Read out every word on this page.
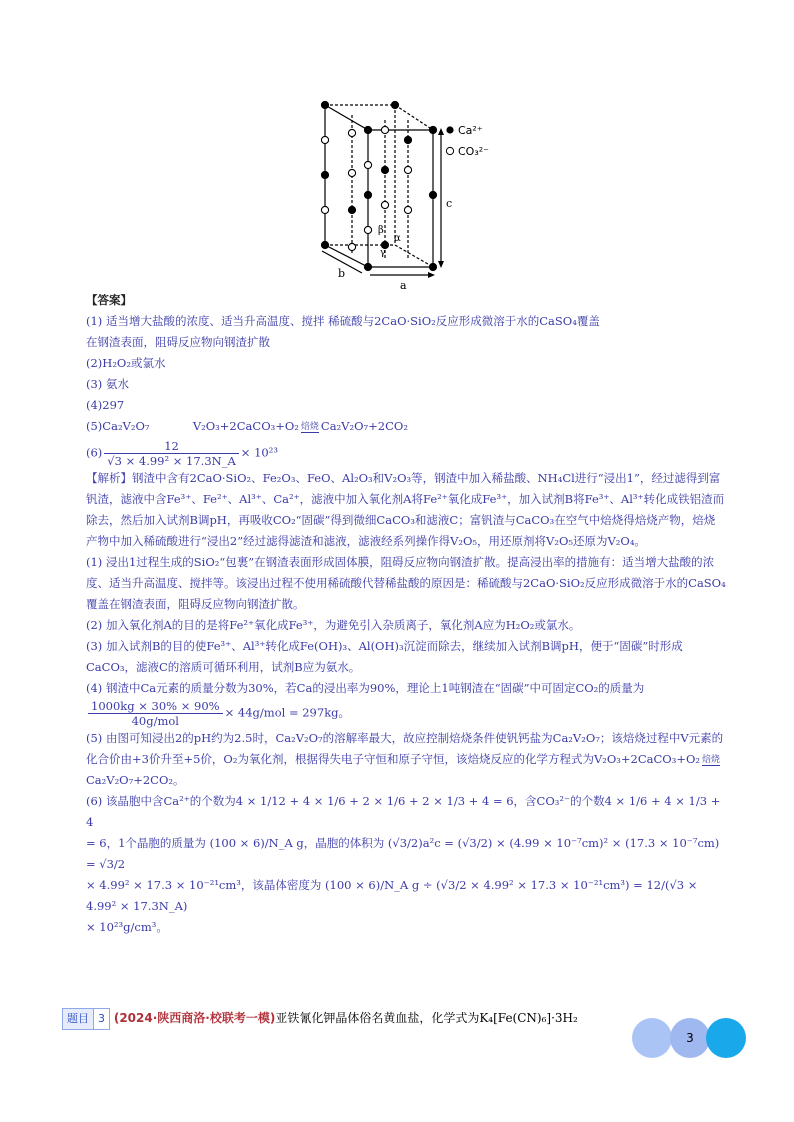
Ca²⁺
CO₃²⁻
c
a
b
α
β
γ

【答案】

(1) 适当增大盐酸的浓度、适当升高温度、搅拌 稀硫酸与2CaO·SiO₂反应形成微溶于水的CaSO₄覆盖

在钢渣表面，阻碍反应物向钢渣扩散

(2)H₂O₂或氯水

(3) 氨水

(4)297

(5)Ca₂V₂O₇	V₂O₃+2CaCO₃+O₂ 焙烧 Ca₂V₂O₇+2CO₂

$(6) \frac{12}{\text{√3 × 4.99² × 17.3N\_A}} \times 10^{23}$

【解析】钢渣中含有2CaO·SiO₂、Fe₂O₃、FeO、Al₂O₃和V₂O₃等，钢渣中加入稀盐酸、NH₄Cl进行“浸出1”，经过滤得到富钒渣，滤液中含Fe³⁺、Fe²⁺、Al³⁺、Ca²⁺，滤液中加入氧化剂A将Fe²⁺氧化成Fe³⁺，加入试剂B将Fe³⁺、Al³⁺转化成铁铝渣而除去，然后加入试剂B调pH，再吸收CO₂“固碳”得到微细CaCO₃和滤液C；富钒渣与CaCO₃在空气中焙烧得焙烧产物，焙烧产物中加入稀硫酸进行“浸出2”经过滤得滤渣和滤液，滤液经系列操作得V₂O₅，用还原剂将V₂O₅还原为V₂O₄。

(1) 浸出1过程生成的SiO₂“包裹”在钢渣表面形成固体膜，阻碍反应物向钢渣扩散。提高浸出率的措施有：适当增大盐酸的浓度、适当升高温度、搅拌等。该浸出过程不使用稀硫酸代替稀盐酸的原因是：稀硫酸与2CaO·SiO₂反应形成微溶于水的CaSO₄覆盖在钢渣表面，阻碍反应物向钢渣扩散。

(2) 加入氧化剂A的目的是将Fe²⁺氧化成Fe³⁺，为避免引入杂质离子，氧化剂A应为H₂O₂或氯水。

(3) 加入试剂B的目的使Fe³⁺、Al³⁺转化成Fe(OH)₃、Al(OH)₃沉淀而除去，继续加入试剂B调pH，便于“固碳”时形成CaCO₃，滤液C的溶质可循环利用，试剂B应为氨水。

(4) 钢渣中Ca元素的质量分数为30%，若Ca的浸出率为90%，理论上1吨钢渣在“固碳”中可固定CO₂的质量为
$\frac{1000kg \times 30\% \times 90\%}{\text{40g/mol}} \times 44g/mol = 297kg$。

(5) 由图可知浸出2的pH约为2.5时，Ca₂V₂O₇的溶解率最大，故应控制焙烧条件使钒钙盐为Ca₂V₂O₇；该焙烧过程中V元素的化合价由+3价升至+5价，O₂为氧化剂，根据得失电子守恒和原子守恒，该焙烧反应的化学方程式为V₂O₃+2CaCO₃+O₂ 焙烧
Ca₂V₂O₇+2CO₂。

(6) 该晶胞中含Ca²⁺的个数为4 × 1/12 + 4 × 1/6 + 2 × 1/6 + 2 × 1/3 + 4 = 6，含CO₃²⁻的个数4 × 1/6 + 4 × 1/3 + 4

= 6，1个晶胞的质量为 (100 × 6)/N_A g，晶胞的体积为 (√3/2)a²c = (√3/2) × (4.99 × 10⁻⁷cm)² × (17.3 × 10⁻⁷cm) = √3/2

× 4.99² × 17.3 × 10⁻²¹cm³，该晶体密度为 (100 × 6)/N_A g ÷ (√3/2 × 4.99² × 17.3 × 10⁻²¹cm³) = 12/(√3 × 4.99² × 17.3N_A)

× 10²³g/cm³。

题目 3 (2024·陕西商洛·校联考一模)亚铁氰化钾晶体俗名黄血盐，化学式为K₄[Fe(CN)₆]·3H₂
3
